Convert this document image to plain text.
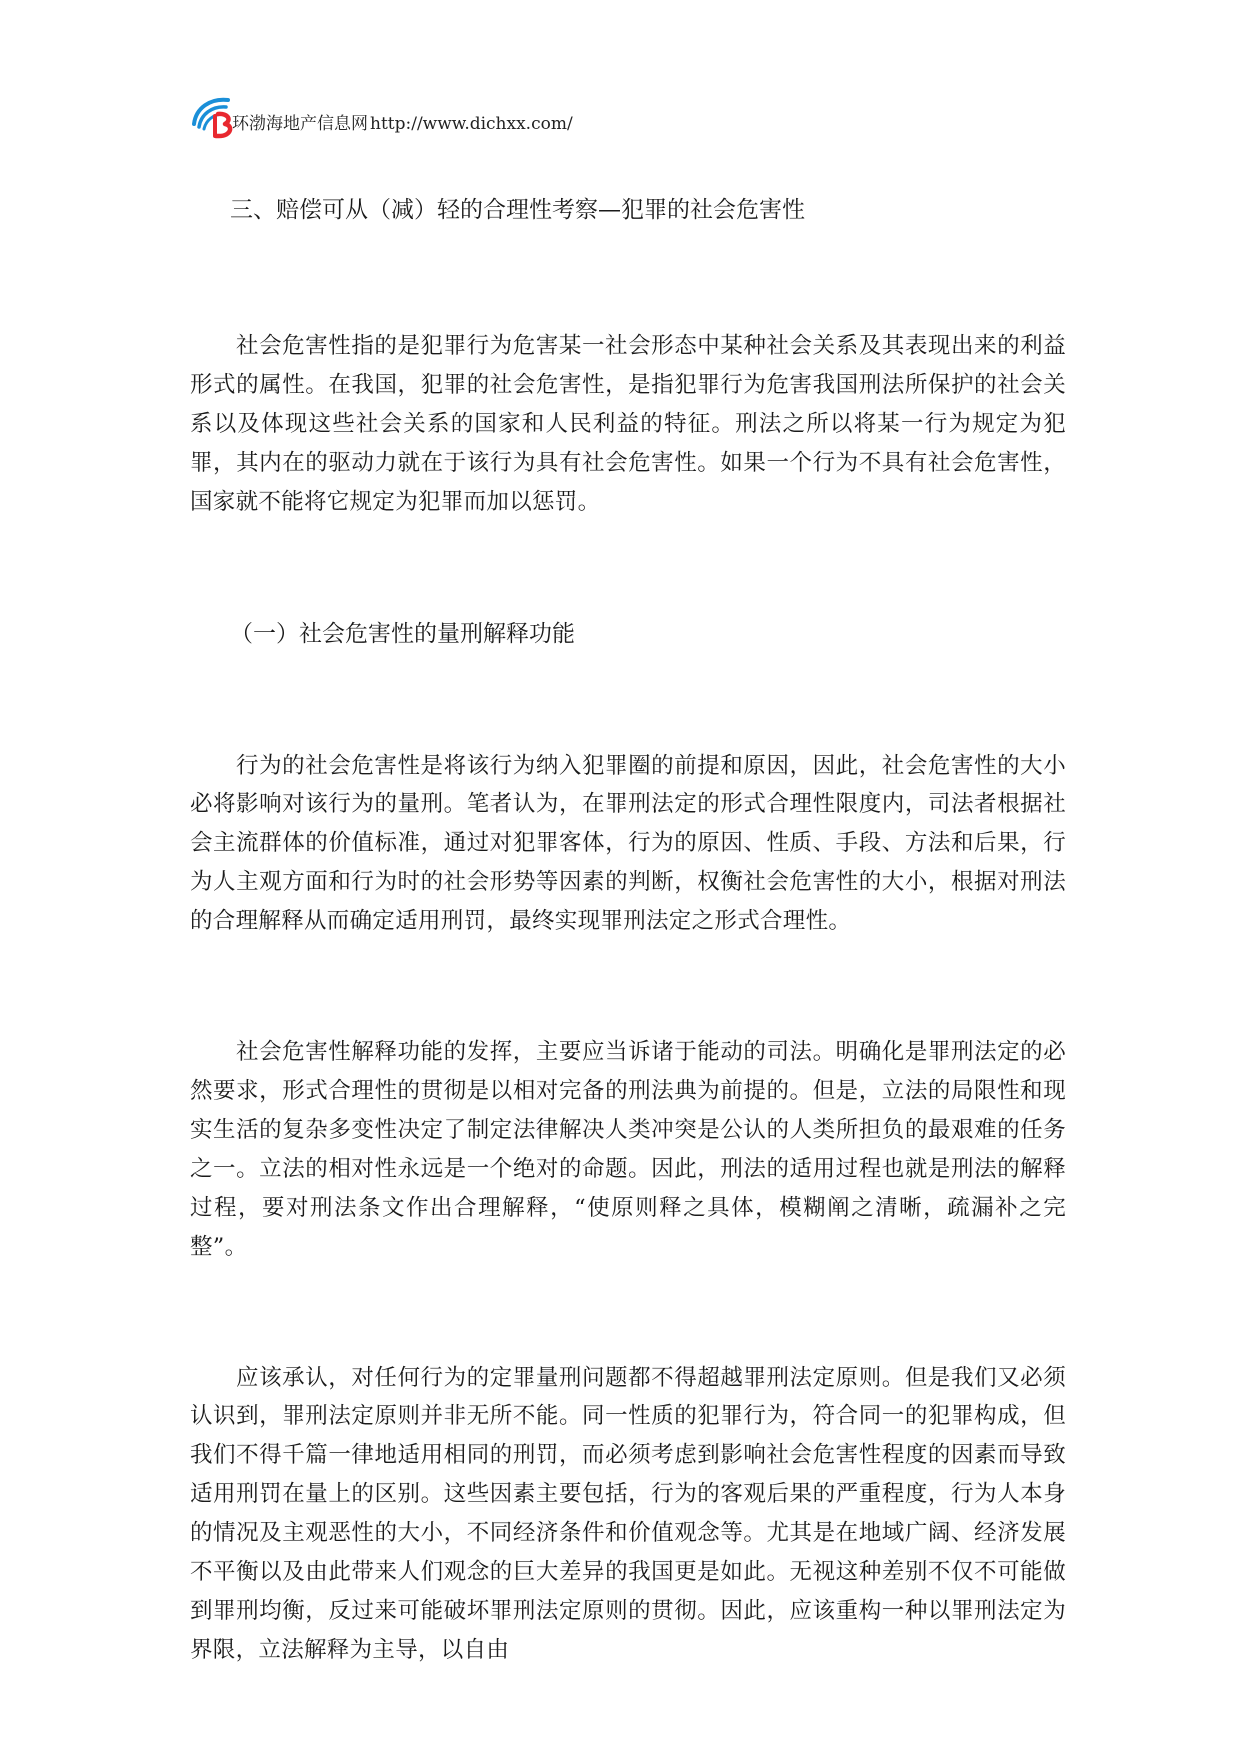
环渤海地产信息网 http://www.dichxx.com/
三、赔偿可从（减）轻的合理性考察—犯罪的社会危害性

社会危害性指的是犯罪行为危害某一社会形态中某种社会关系及其表现出来的利益形式的属性。在我国，犯罪的社会危害性，是指犯罪行为危害我国刑法所保护的社会关系以及体现这些社会关系的国家和人民利益的特征。刑法之所以将某一行为规定为犯罪，其内在的驱动力就在于该行为具有社会危害性。如果一个行为不具有社会危害性，国家就不能将它规定为犯罪而加以惩罚。

（一）社会危害性的量刑解释功能

行为的社会危害性是将该行为纳入犯罪圈的前提和原因，因此，社会危害性的大小必将影响对该行为的量刑。笔者认为，在罪刑法定的形式合理性限度内，司法者根据社会主流群体的价值标准，通过对犯罪客体，行为的原因、性质、手段、方法和后果，行为人主观方面和行为时的社会形势等因素的判断，权衡社会危害性的大小，根据对刑法的合理解释从而确定适用刑罚，最终实现罪刑法定之形式合理性。

社会危害性解释功能的发挥，主要应当诉诸于能动的司法。明确化是罪刑法定的必然要求，形式合理性的贯彻是以相对完备的刑法典为前提的。但是，立法的局限性和现实生活的复杂多变性决定了制定法律解决人类冲突是公认的人类所担负的最艰难的任务之一。立法的相对性永远是一个绝对的命题。因此，刑法的适用过程也就是刑法的解释过程，要对刑法条文作出合理解释，“使原则释之具体，模糊阐之清晰，疏漏补之完整”。

应该承认，对任何行为的定罪量刑问题都不得超越罪刑法定原则。但是我们又必须认识到，罪刑法定原则并非无所不能。同一性质的犯罪行为，符合同一的犯罪构成，但我们不得千篇一律地适用相同的刑罚，而必须考虑到影响社会危害性程度的因素而导致适用刑罚在量上的区别。这些因素主要包括，行为的客观后果的严重程度，行为人本身的情况及主观恶性的大小，不同经济条件和价值观念等。尤其是在地域广阔、经济发展不平衡以及由此带来人们观念的巨大差异的我国更是如此。无视这种差别不仅不可能做到罪刑均衡，反过来可能破坏罪刑法定原则的贯彻。因此，应该重构一种以罪刑法定为界限，立法解释为主导，以自由
